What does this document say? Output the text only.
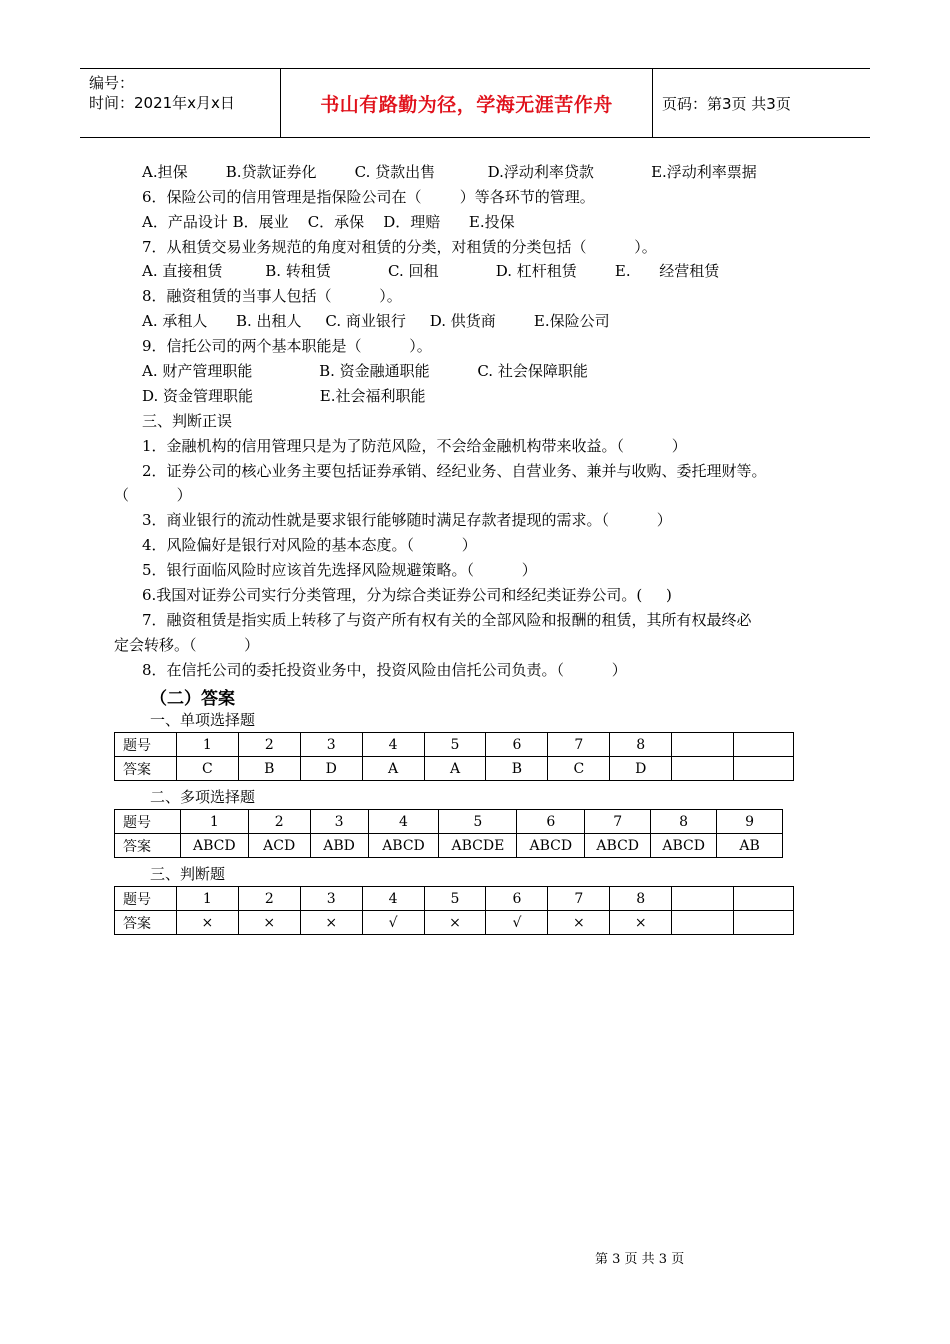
编号：
时间：2021年x月x日	书山有路勤为径，学海无涯苦作舟	页码：第3页 共3页
A.担保        B.贷款证券化        C. 贷款出售           D.浮动利率贷款            E.浮动利率票据
6．保险公司的信用管理是指保险公司在（        ）等各环节的管理。
A．产品设计 B．展业    C．承保    D．理赔      E.投保
7．从租赁交易业务规范的角度对租赁的分类，对租赁的分类包括（          ）。
A. 直接租赁         B. 转租赁            C. 回租            D. 杠杆租赁        E.      经营租赁
8．融资租赁的当事人包括（          ）。
A. 承租人      B. 出租人     C. 商业银行     D. 供货商        E.保险公司
9．信托公司的两个基本职能是（          ）。
A. 财产管理职能              B. 资金融通职能          C. 社会保障职能
D. 资金管理职能              E.社会福利职能
三、判断正误
1．金融机构的信用管理只是为了防范风险，不会给金融机构带来收益。（          ）
2．证券公司的核心业务主要包括证券承销、经纪业务、自营业务、兼并与收购、委托理财等。
（          ）
3．商业银行的流动性就是要求银行能够随时满足存款者提现的需求。（          ）
4．风险偏好是银行对风险的基本态度。（          ）
5．银行面临风险时应该首先选择风险规避策略。（          ）
6.我国对证券公司实行分类管理，分为综合类证券公司和经纪类证券公司。(     )
7．融资租赁是指实质上转移了与资产所有权有关的全部风险和报酬的租赁，其所有权最终必
定会转移。（          ）
8．在信托公司的委托投资业务中，投资风险由信托公司负责。（          ）
（二）答案
一、单项选择题
题号	1	2	3	4	5	6	7	8		
答案	C	B	D	A	A	B	C	D		
二、多项选择题
题号	1	2	3	4	5	6	7	8	9
答案	ABCD	ACD	ABD	ABCD	ABCDE	ABCD	ABCD	ABCD	AB
三、判断题
题号	1	2	3	4	5	6	7	8		
答案	×	×	×	√	×	√	×	×		
第 3 页 共 3 页
